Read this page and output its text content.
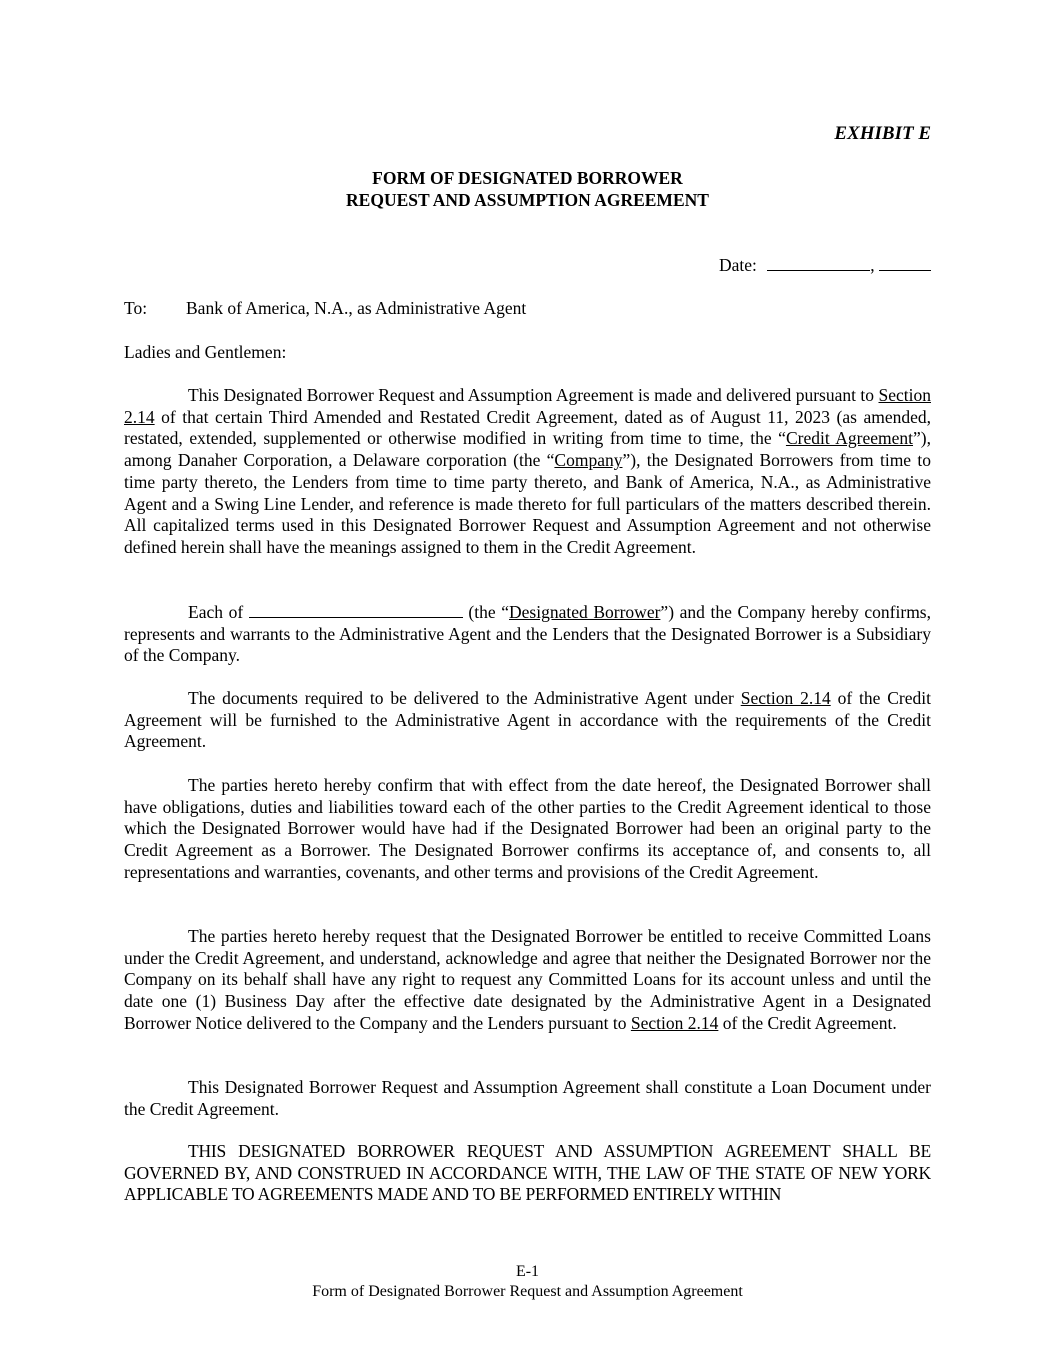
EXHIBIT E
FORM OF DESIGNATED BORROWER
REQUEST AND ASSUMPTION AGREEMENT
Date:	,
To: Bank of America, N.A., as Administrative Agent
Ladies and Gentlemen:

This Designated Borrower Request and Assumption Agreement is made and delivered pursuant to Section 2.14 of that certain Third Amended and Restated Credit Agreement, dated as of August 11, 2023 (as amended, restated, extended, supplemented or otherwise modified in writing from time to time, the “Credit Agreement”), among Danaher Corporation, a Delaware corporation (the “Company”), the Designated Borrowers from time to time party thereto, the Lenders from time to time party thereto, and Bank of America, N.A., as Administrative Agent and a Swing Line Lender, and reference is made thereto for full particulars of the matters described therein. All capitalized terms used in this Designated Borrower Request and Assumption Agreement and not otherwise defined herein shall have the meanings assigned to them in the Credit Agreement.

Each of	(the “Designated Borrower”) and the Company hereby confirms, represents and warrants to the Administrative Agent and the Lenders that the Designated Borrower is a Subsidiary of the Company.

The documents required to be delivered to the Administrative Agent under Section 2.14 of the Credit Agreement will be furnished to the Administrative Agent in accordance with the requirements of the Credit Agreement.

The parties hereto hereby confirm that with effect from the date hereof, the Designated Borrower shall have obligations, duties and liabilities toward each of the other parties to the Credit Agreement identical to those which the Designated Borrower would have had if the Designated Borrower had been an original party to the Credit Agreement as a Borrower. The Designated Borrower confirms its acceptance of, and consents to, all representations and warranties, covenants, and other terms and provisions of the Credit Agreement.

The parties hereto hereby request that the Designated Borrower be entitled to receive Committed Loans under the Credit Agreement, and understand, acknowledge and agree that neither the Designated Borrower nor the Company on its behalf shall have any right to request any Committed Loans for its account unless and until the date one (1) Business Day after the effective date designated by the Administrative Agent in a Designated Borrower Notice delivered to the Company and the Lenders pursuant to Section 2.14 of the Credit Agreement.

This Designated Borrower Request and Assumption Agreement shall constitute a Loan Document under the Credit Agreement.

THIS DESIGNATED BORROWER REQUEST AND ASSUMPTION AGREEMENT SHALL BE GOVERNED BY, AND CONSTRUED IN ACCORDANCE WITH, THE LAW OF THE STATE OF NEW YORK APPLICABLE TO AGREEMENTS MADE AND TO BE PERFORMED ENTIRELY WITHIN

E-1
Form of Designated Borrower Request and Assumption Agreement
